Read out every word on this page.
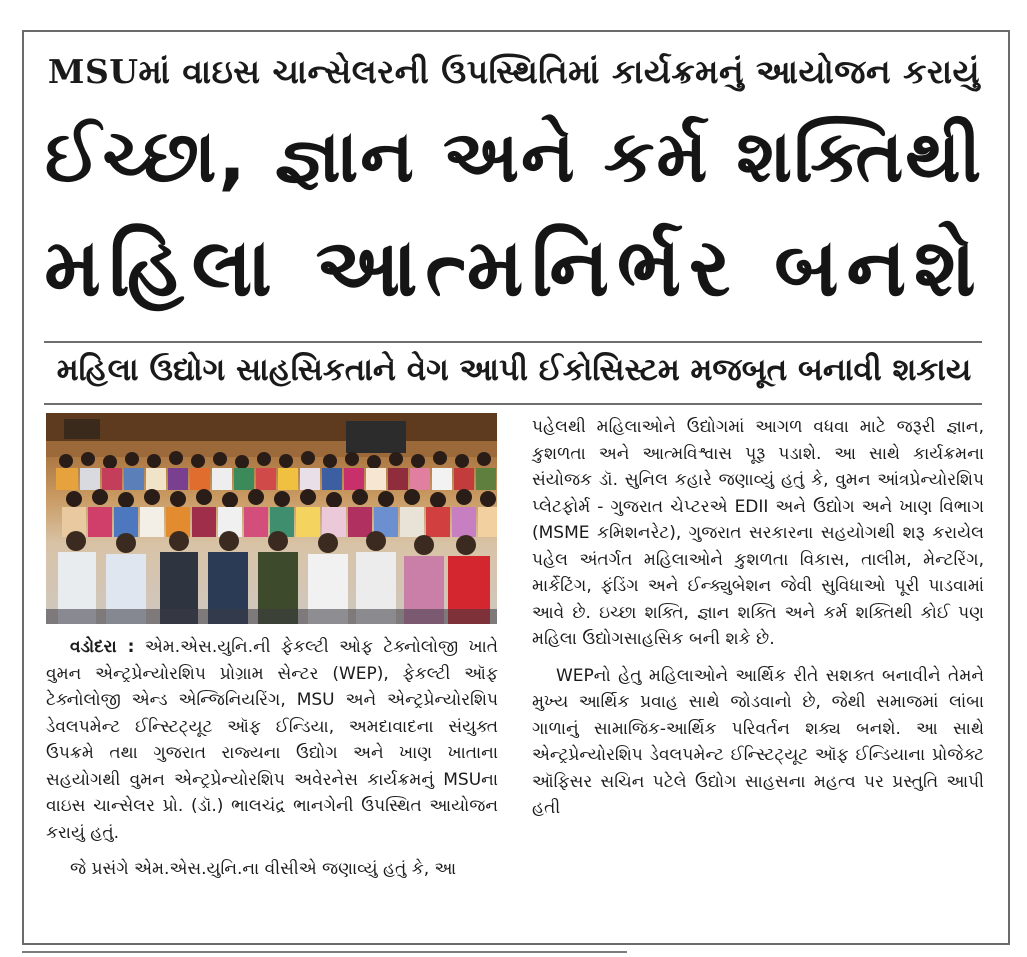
MSUમાં વાઇસ ચાન્સેલરની ઉપસ્થિતિમાં કાર્યક્રમનું આયોજન કરાયું
ઈચ્છા, જ્ઞાન અને કર્મ શક્તિથી
મહિલા આત્મનિર્ભર બનશે
મહિલા ઉદ્યોગ સાહસિકતાને વેગ આપી ઈકોસિસ્ટમ મજબૂત બનાવી શકાય

વડોદરા : એમ.એસ.યુનિ.ની ફેકલ્ટી ઓફ ટેક્નોલોજી ખાતે વુમન એન્ટ્રપ્રેન્યોરશિપ પ્રોગ્રામ સેન્ટર (WEP), ફેકલ્ટી ઑફ ટેક્નોલોજી એન્ડ એન્જિનિયરિંગ, MSU અને એન્ટ્રપ્રેન્યોરશિપ ડેવલપમેન્ટ ઈન્સ્ટિટ્યૂટ ઑફ ઈન્ડિયા, અમદાવાદના સંયુક્ત ઉપક્રમે તથા ગુજરાત રાજ્યના ઉદ્યોગ અને ખાણ ખાતાના સહયોગથી વુમન એન્ટ્રપ્રેન્યોરશિપ અવેરનેસ કાર્યક્રમનું MSUના વાઇસ ચાન્સેલર પ્રો. (ડૉ.) ભાલચંદ્ર ભાનગેની ઉપસ્થિત આયોજન કરાયું હતું.

જે પ્રસંગે એમ.એસ.યુનિ.ના વીસીએ જણાવ્યું હતું કે, આ

પહેલથી મહિલાઓને ઉદ્યોગમાં આગળ વધવા માટે જરૂરી જ્ઞાન, કુશળતા અને આત્મવિશ્વાસ પૂરૂ પડાશે. આ સાથે કાર્યક્રમના સંયોજક ડૉ. સુનિલ કહારે જણાવ્યું હતું કે, વુમન આંત્રપ્રેન્યોરશિપ પ્લેટફોર્મ - ગુજરાત ચેપ્ટરએ EDII અને ઉદ્યોગ અને ખાણ વિભાગ (MSME કમિશનરેટ), ગુજરાત સરકારના સહયોગથી શરૂ કરાયેલ પહેલ અંતર્ગત મહિલાઓને કુશળતા વિકાસ, તાલીમ, મેન્ટરિંગ, માર્કેટિંગ, ફંડિંગ અને ઈન્ક્યુબેશન જેવી સુવિધાઓ પૂરી પાડવામાં આવે છે. ઇચ્છા શક્તિ, જ્ઞાન શક્તિ અને કર્મ શક્તિથી કોઈ પણ મહિલા ઉદ્યોગસાહસિક બની શકે છે.

WEPનો હેતુ મહિલાઓને આર્થિક રીતે સશક્ત બનાવીને તેમને મુખ્ય આર્થિક પ્રવાહ સાથે જોડવાનો છે, જેથી સમાજમાં લાંબા ગાળાનું સામાજિક-આર્થિક પરિવર્તન શક્ય બનશે. આ સાથે એન્ટ્રપ્રેન્યોરશિપ ડેવલપમેન્ટ ઈન્સ્ટિટ્યૂટ ઑફ ઈન્ડિયાના પ્રોજેક્ટ ઑફિસર સચિન પટેલે ઉદ્યોગ સાહસના મહત્વ પર પ્રસ્તુતિ આપી હતી
